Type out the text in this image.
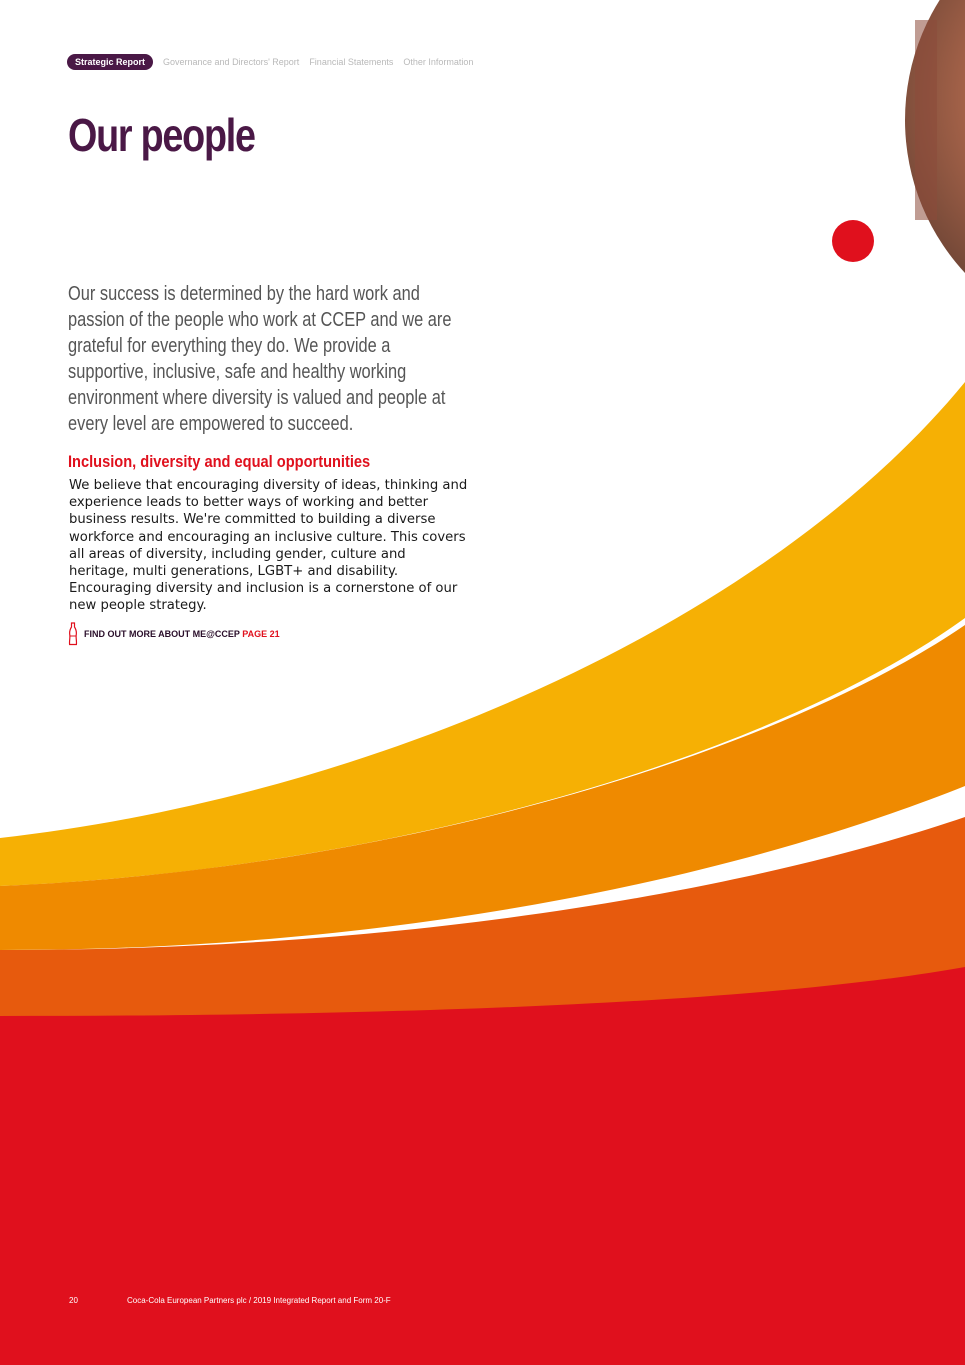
Strategic Report	Governance and Directors' Report Financial Statements Other Information
Our people

Our success is determined by the hard work and passion of the people who work at CCEP and we are grateful for everything they do. We provide a supportive, inclusive, safe and healthy working environment where diversity is valued and people at every level are empowered to succeed.

Inclusion, diversity and equal opportunities

We believe that encouraging diversity of ideas, thinking and experience leads to better ways of working and better business results. We're committed to building a diverse workforce and encouraging an inclusive culture. This covers all areas of diversity, including gender, culture and heritage, multi generations, LGBT+ and disability. Encouraging diversity and inclusion is a cornerstone of our new people strategy.

FIND OUT MORE ABOUT ME@CCEP PAGE 21
20	Coca-Cola European Partners plc / 2019 Integrated Report and Form 20-F
